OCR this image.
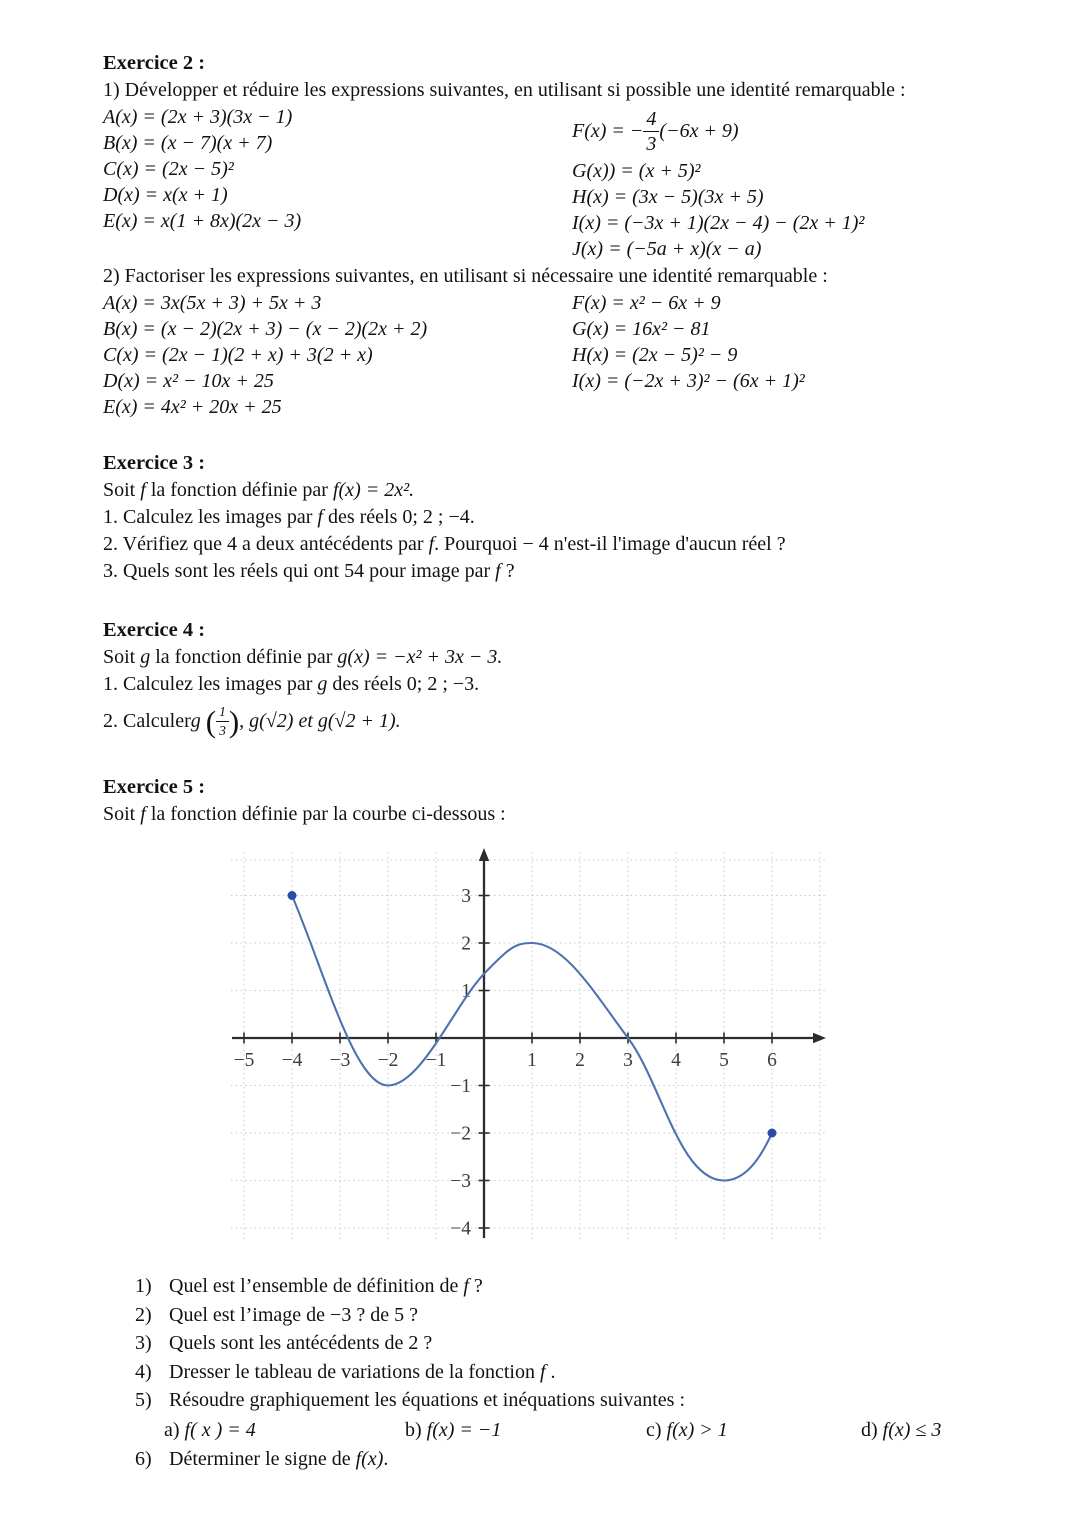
Exercice 2 :
1) Développer et réduire les expressions suivantes, en utilisant si possible une identité remarquable :
A(x) = (2x + 3)(3x − 1)
B(x) = (x − 7)(x + 7)
C(x) = (2x − 5)²
D(x) = x(x + 1)
E(x) = x(1 + 8x)(2x − 3)
F(x) = − $\frac{4}{3} (-6x + 9)$
G(x)) = (x + 5)²
H(x) = (3x − 5)(3x + 5)
I(x) = (−3x + 1)(2x − 4) − (2x + 1)²
J(x) = (−5a + x)(x − a)
2) Factoriser les expressions suivantes, en utilisant si nécessaire une identité remarquable :
A(x) = 3x(5x + 3) + 5x + 3
B(x) = (x − 2)(2x + 3) − (x − 2)(2x + 2)
C(x) = (2x − 1)(2 + x) + 3(2 + x)
D(x) = x² − 10x + 25
E(x) = 4x² + 20x + 25
F(x) = x² − 6x + 9
G(x) = 16x² − 81
H(x) = (2x − 5)² − 9
I(x) = (−2x + 3)² − (6x + 1)²
Exercice 3 :
Soit f la fonction définie par f(x) = 2x².
1. Calculez les images par f des réels 0; 2 ; −4.
2. Vérifiez que 4 a deux antécédents par f. Pourquoi − 4 n'est-il l'image d'aucun réel ?
3. Quels sont les réels qui ont 54 pour image par f ?
Exercice 4 :
Soit g la fonction définie par g(x) = −x² + 3x − 3.
1. Calculez les images par g des réels 0; 2 ; −3.
2. Calculer g
( $\frac{1}{3}$ ) , g(√2) et g(√2 + 1).
Exercice 5 :
Soit f la fonction définie par la courbe ci-dessous :
−5 −4 −3 −2 −1	1 2 3 4 5 6
3
2
1
−1
−2
−3
−4
1) Quel est l’ensemble de définition de f ?
2) Quel est l’image de −3 ? de 5 ?
3) Quels sont les antécédents de 2 ?
4) Dresser le tableau de variations de la fonction f .
5) Résoudre graphiquement les équations et inéquations suivantes :
a) f( x ) = 4	b) f(x) = −1	c) f(x) > 1	d) f(x) ≤ 3
6) Déterminer le signe de f(x).
